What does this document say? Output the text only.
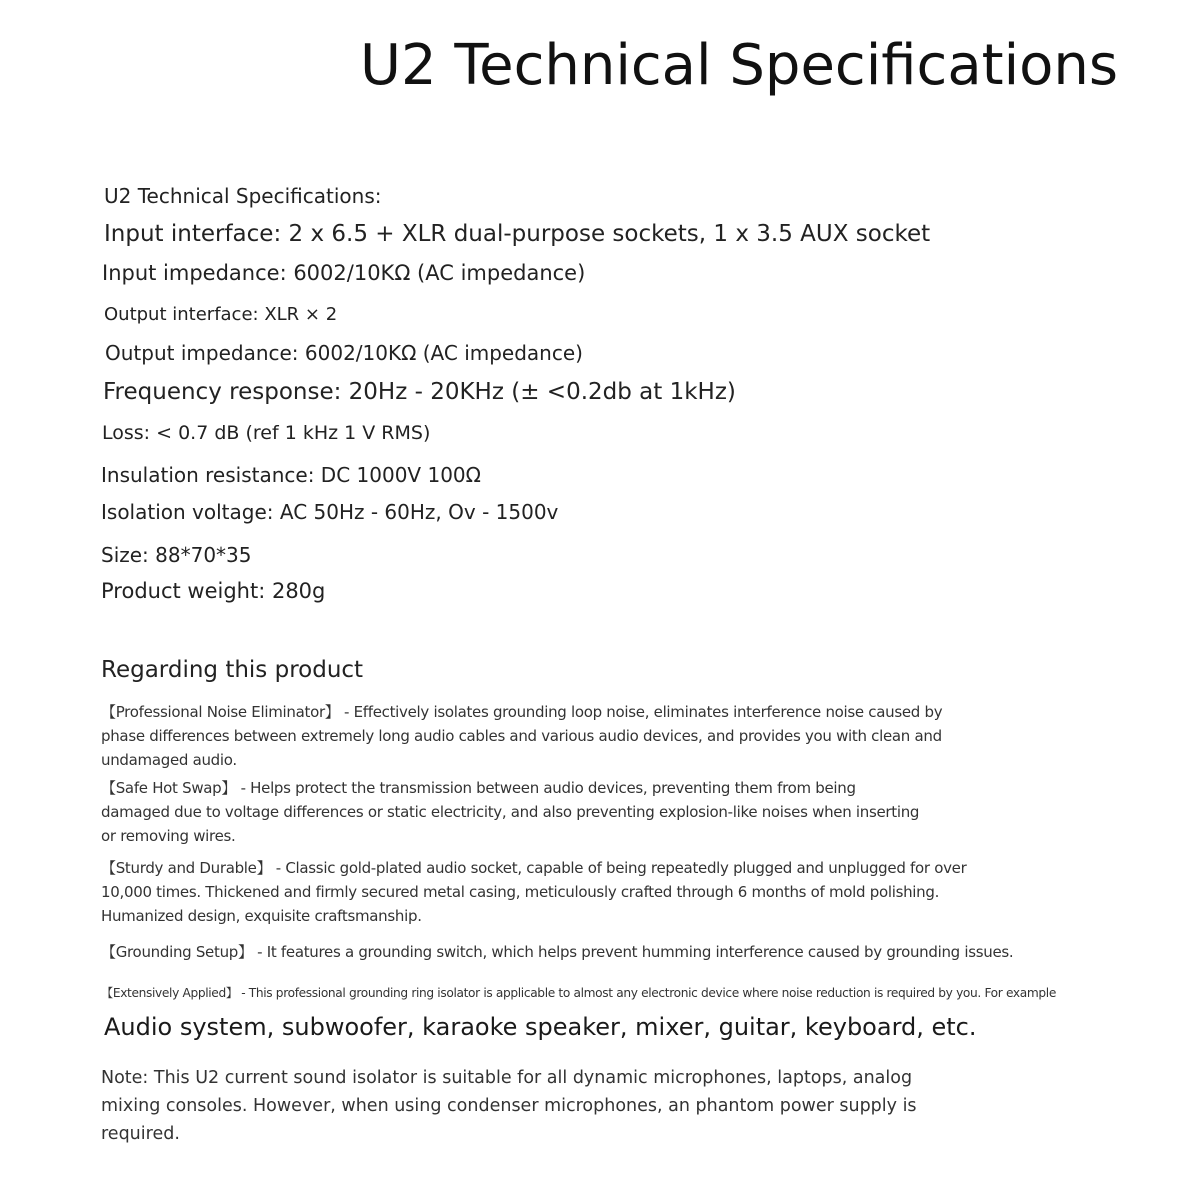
U2 Technical Specifications
U2 Technical Specifications:
Input interface: 2 x 6.5 + XLR dual-purpose sockets, 1 x 3.5 AUX socket
Input impedance: 6002/10KΩ (AC impedance)
Output interface: XLR × 2
Output impedance: 6002/10KΩ (AC impedance)
Frequency response: 20Hz - 20KHz (± <0.2db at 1kHz)
Loss: < 0.7 dB (ref 1 kHz 1 V RMS)
Insulation resistance: DC 1000V 100Ω
Isolation voltage: AC 50Hz - 60Hz, Ov - 1500v
Size: 88*70*35
Product weight: 280g
Regarding this product
【Professional Noise Eliminator】 - Effectively isolates grounding loop noise, eliminates interference noise caused by phase differences between extremely long audio cables and various audio devices, and provides you with clean and undamaged audio.
【Safe Hot Swap】 - Helps protect the transmission between audio devices, preventing them from being damaged due to voltage differences or static electricity, and also preventing explosion-like noises when inserting or removing wires.
【Sturdy and Durable】 - Classic gold-plated audio socket, capable of being repeatedly plugged and unplugged for over 10,000 times. Thickened and firmly secured metal casing, meticulously crafted through 6 months of mold polishing. Humanized design, exquisite craftsmanship.
【Grounding Setup】 - It features a grounding switch, which helps prevent humming interference caused by grounding issues.
【Extensively Applied】 - This professional grounding ring isolator is applicable to almost any electronic device where noise reduction is required by you. For example
Audio system, subwoofer, karaoke speaker, mixer, guitar, keyboard, etc.
Note: This U2 current sound isolator is suitable for all dynamic microphones, laptops, analog mixing consoles. However, when using condenser microphones, an phantom power supply is required.
